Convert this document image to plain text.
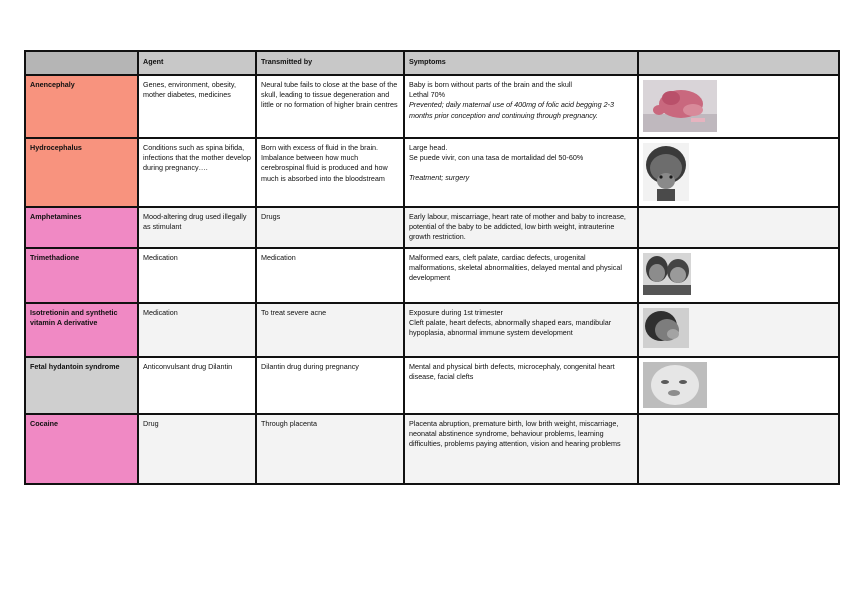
	Agent	Transmitted by	Symptoms	
Anencephaly	Genes, environment, obesity, mother diabetes, medicines	Neural tube fails to close at the base of the skull, leading to tissue degeneration and little or no formation of higher brain centres	Baby is born without parts of the brain and the skull
Lethal 70%
Prevented; daily maternal use of 400mg of folic acid begging 2-3 months prior conception and continuing through pregnancy.

Hydrocephalus	Conditions such as spina bifida, infections that the mother develop during pregnancy….	Born with excess of fluid in the brain. Imbalance between how much cerebrospinal fluid is produced and how much is absorbed into the bloodstream	Large head.
Se puede vivir, con una tasa de mortalidad del 50-60%
Treatment; surgery

Amphetamines	Mood-altering drug used illegally as stimulant	Drugs	Early labour, miscarriage, heart rate of mother and baby to increase, potential of the baby to be addicted, low birth weight, intrauterine growth restriction.	

Trimethadione	Medication	Medication	Malformed ears, cleft palate, cardiac defects, urogenital malformations, skeletal abnormalities, delayed mental and physical development

Isotretionin and synthetic vitamin A derivative	Medication	To treat severe acne	Exposure during 1st trimester
Cleft palate, heart defects, abnormally shaped ears, mandibular hypoplasia, abnormal immune system development

Fetal hydantoin syndrome	Anticonvulsant drug Dilantin	Dilantin drug during pregnancy	Mental and physical birth defects, microcephaly, congenital heart disease, facial clefts

Cocaine	Drug	Through placenta	Placenta abruption, premature birth, low brith weight, miscarriage, neonatal abstinence syndrome, behaviour problems, learning difficulties, problems paying attention, vision and hearing problems	
